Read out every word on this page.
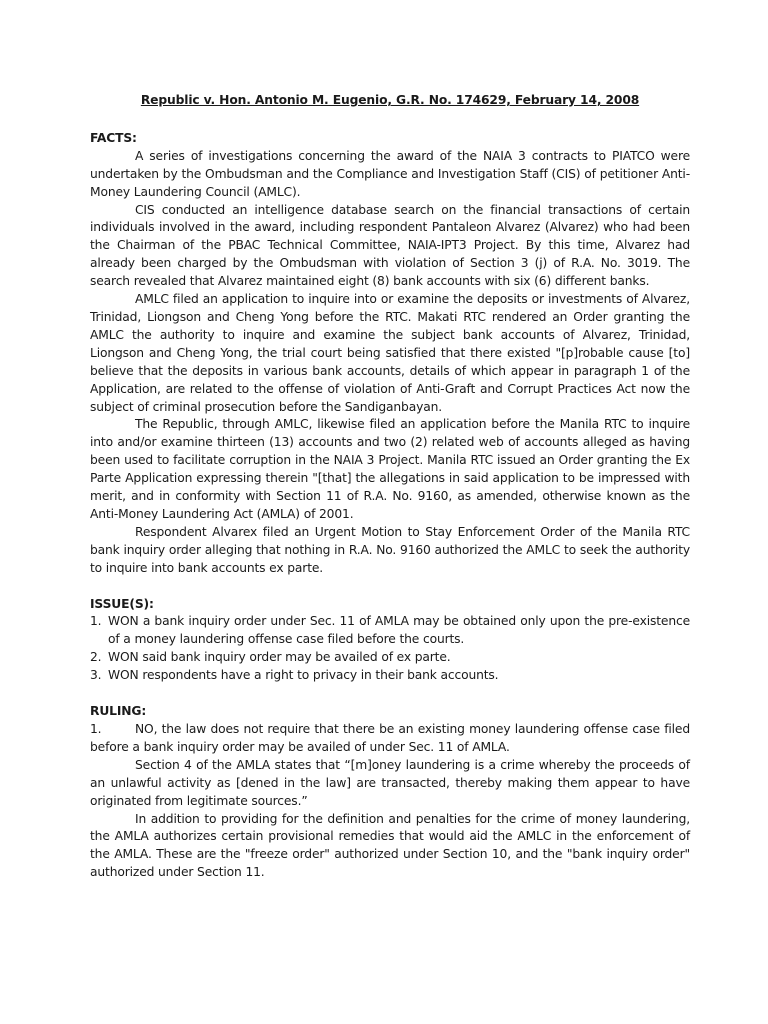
Republic v. Hon. Antonio M. Eugenio, G.R. No. 174629, February 14, 2008

FACTS:

A series of investigations concerning the award of the NAIA 3 contracts to PIATCO were undertaken by the Ombudsman and the Compliance and Investigation Staff (CIS) of petitioner Anti-Money Laundering Council (AMLC).

CIS conducted an intelligence database search on the financial transactions of certain individuals involved in the award, including respondent Pantaleon Alvarez (Alvarez) who had been the Chairman of the PBAC Technical Committee, NAIA-IPT3 Project. By this time, Alvarez had already been charged by the Ombudsman with violation of Section 3 (j) of R.A. No. 3019. The search revealed that Alvarez maintained eight (8) bank accounts with six (6) different banks.

AMLC filed an application to inquire into or examine the deposits or investments of Alvarez, Trinidad, Liongson and Cheng Yong before the RTC. Makati RTC rendered an Order granting the AMLC the authority to inquire and examine the subject bank accounts of Alvarez, Trinidad, Liongson and Cheng Yong, the trial court being satisfied that there existed "[p]robable cause [to] believe that the deposits in various bank accounts, details of which appear in paragraph 1 of the Application, are related to the offense of violation of Anti-Graft and Corrupt Practices Act now the subject of criminal prosecution before the Sandiganbayan.

The Republic, through AMLC, likewise filed an application before the Manila RTC to inquire into and/or examine thirteen (13) accounts and two (2) related web of accounts alleged as having been used to facilitate corruption in the NAIA 3 Project. Manila RTC issued an Order granting the Ex Parte Application expressing therein "[that] the allegations in said application to be impressed with merit, and in conformity with Section 11 of R.A. No. 9160, as amended, otherwise known as the Anti-Money Laundering Act (AMLA) of 2001.

Respondent Alvarex filed an Urgent Motion to Stay Enforcement Order of the Manila RTC bank inquiry order alleging that nothing in R.A. No. 9160 authorized the AMLC to seek the authority to inquire into bank accounts ex parte.

ISSUE(S):

1. WON a bank inquiry order under Sec. 11 of AMLA may be obtained only upon the pre-existence of a money laundering offense case filed before the courts.
2. WON said bank inquiry order may be availed of ex parte.
3. WON respondents have a right to privacy in their bank accounts.

RULING:

1.	NO, the law does not require that there be an existing money laundering offense case filed before a bank inquiry order may be availed of under Sec. 11 of AMLA.

Section 4 of the AMLA states that “[m]oney laundering is a crime whereby the proceeds of an unlawful activity as [dened in the law] are transacted, thereby making them appear to have originated from legitimate sources.”

In addition to providing for the definition and penalties for the crime of money laundering, the AMLA authorizes certain provisional remedies that would aid the AMLC in the enforcement of the AMLA. These are the "freeze order" authorized under Section 10, and the "bank inquiry order" authorized under Section 11.
